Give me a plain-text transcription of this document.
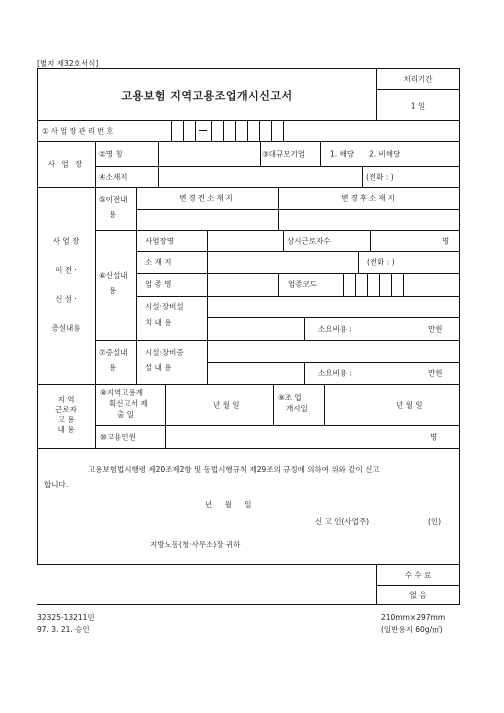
[별지 제32호서식]
고용보험 지역고용조업개시신고서
처리기간
1 일
①사업장관리번호
사 업 장
②명 칭	③대규모기업	1. 해당 2. 비해당
④소재지	(전화 : )
사 업 장
이 전 ·
신 설 ·
증설내용
⑤이전내
용
변경전소재지	변경후소재지
⑥신설내
용
사업장명	상시근로자수	명
소 재 지	(전화 : )
업 종 명	업종코드
시설·장비설
치 내 용
소요비용 :	만원
⑦증설내
용
시설·장비증
설 내 용
소요비용 :	만원
지 역
근로자
고 용
내 용
⑧지역고용계
획신고서 제
출 일
년 월 일
⑨조 업
개시일	년 월 일
⑩고용인원	명
고용보험법시행령 제20조제2항 및 동법시행규칙 제29조의 규정에 의하여 위와 같이 신고
합니다.
년 월 일
신 고 인(사업주)	(인)
지방노동(청·사무소)장 귀하
수 수 료
없 음
32325-13211민
97. 3. 21. 승인
210mm×297mm
(일반용지 60g/㎡)
